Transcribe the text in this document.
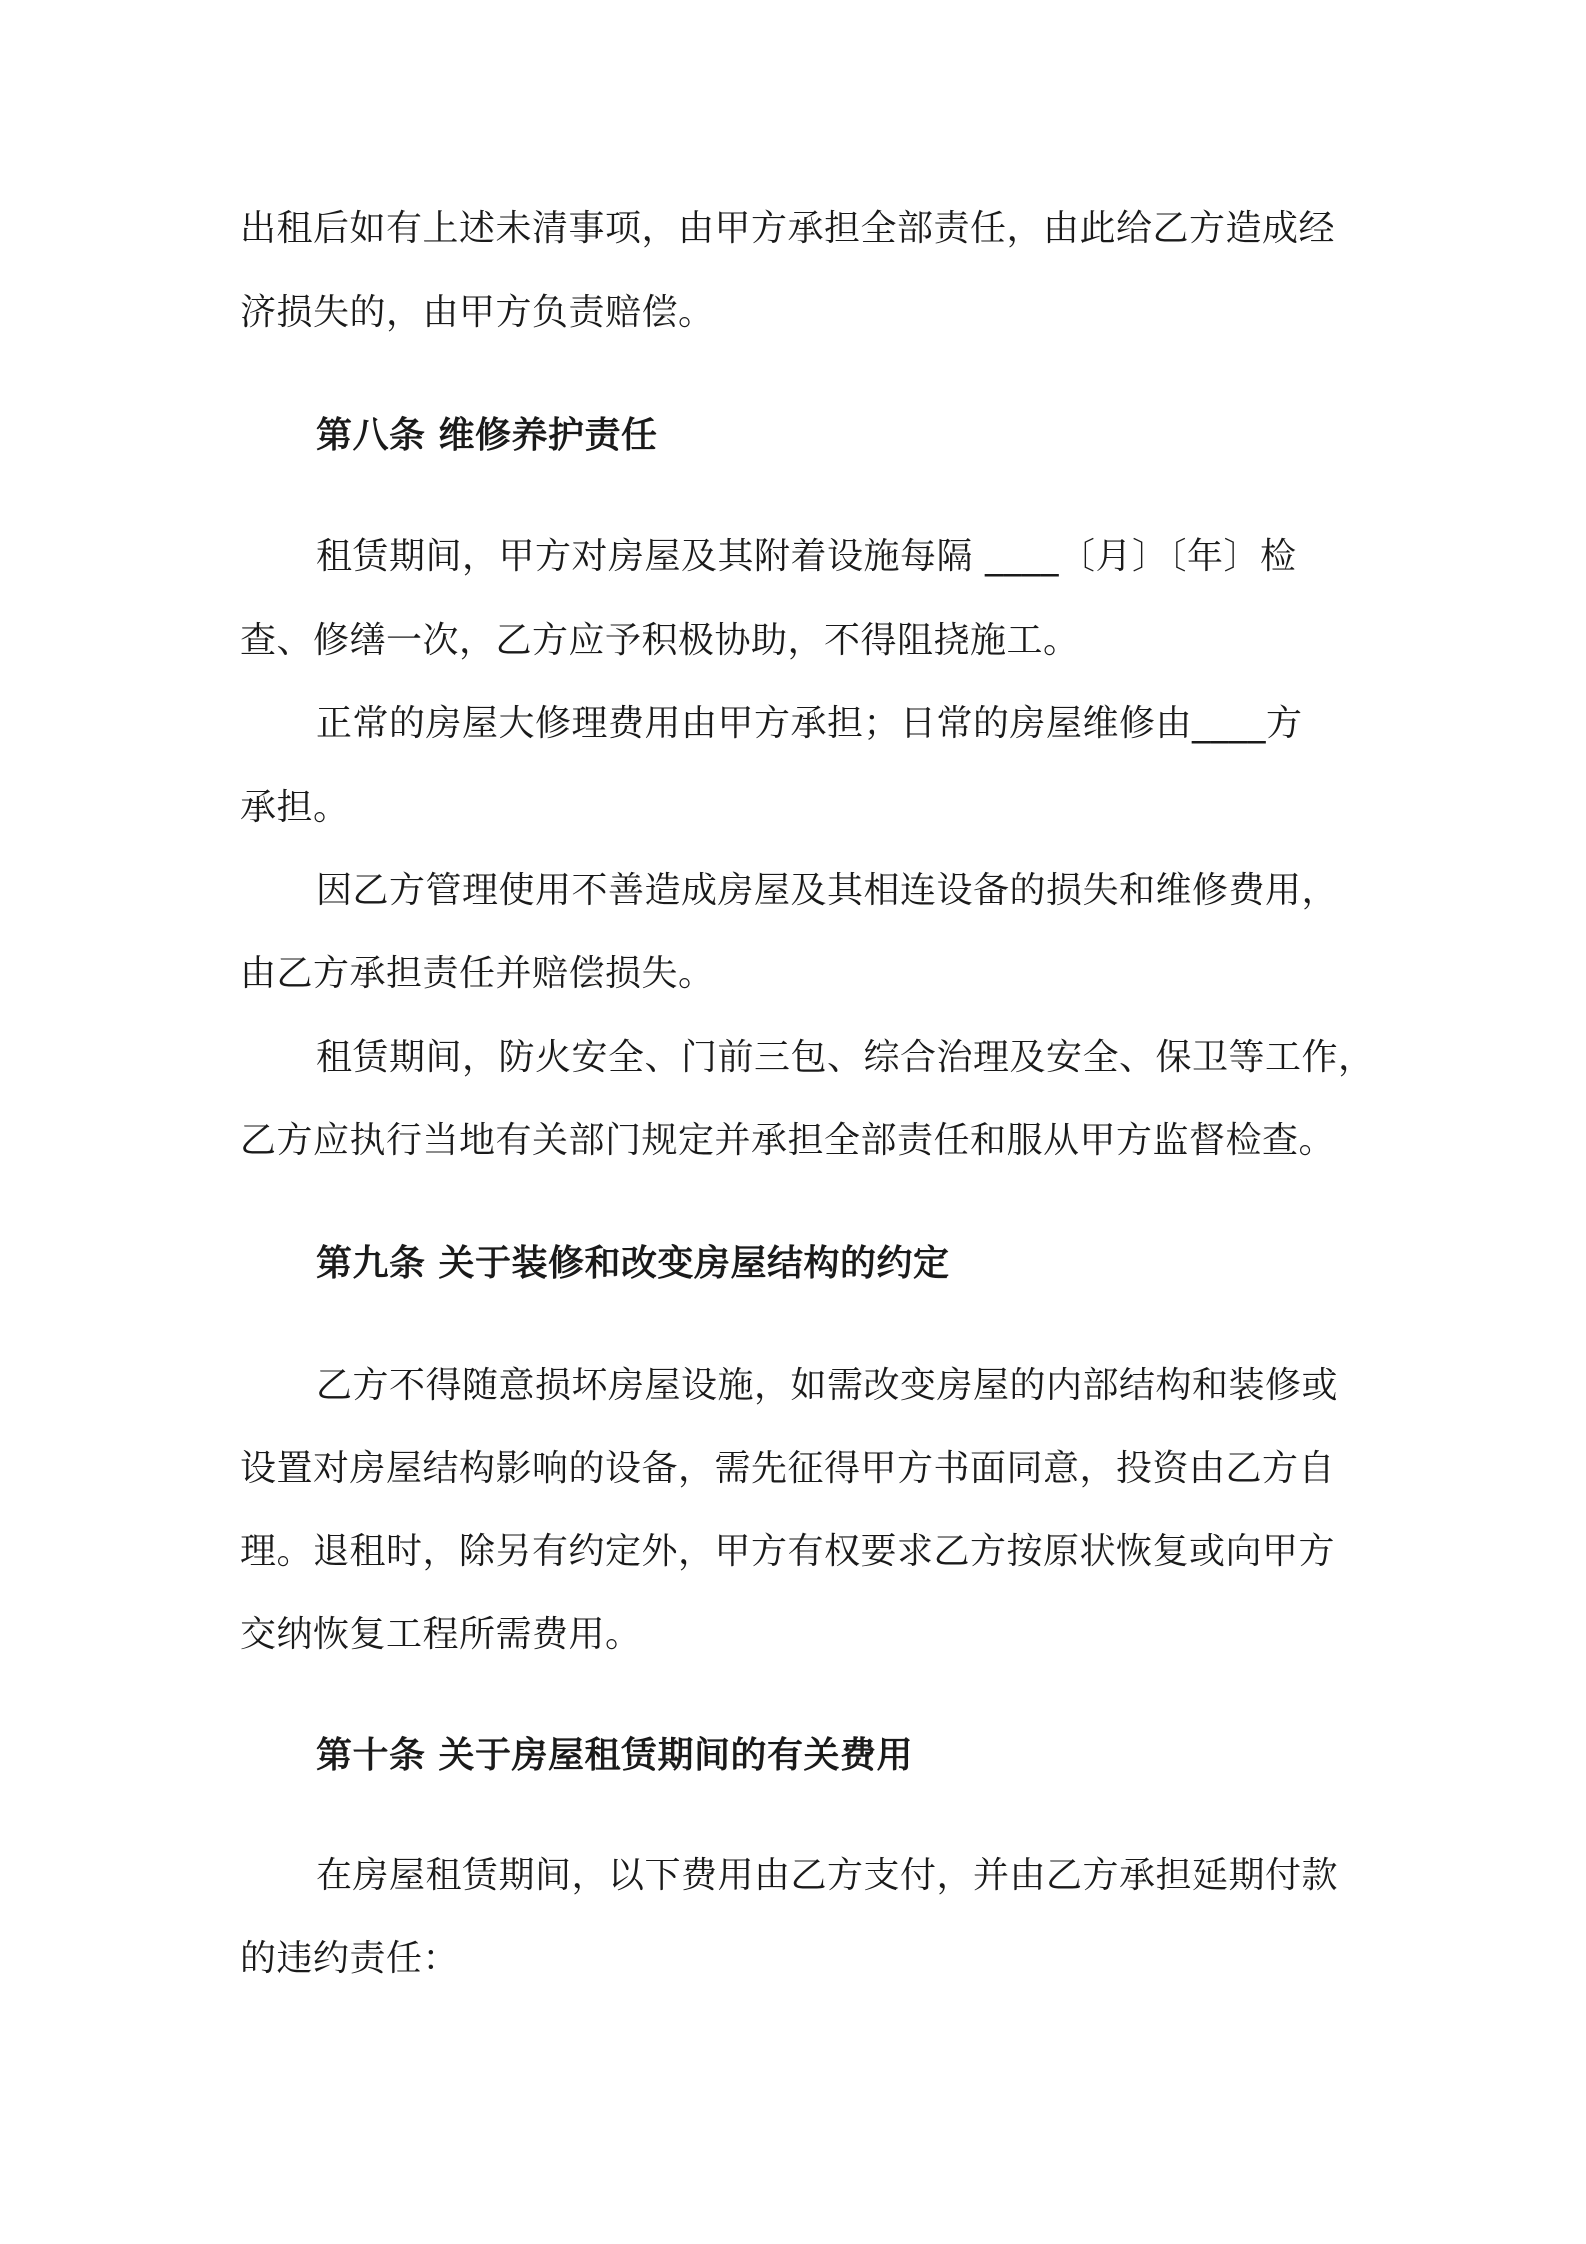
出租后如有上述未清事项，由甲方承担全部责任，由此给乙方造成经
济损失的，由甲方负责赔偿。
第八条 维修养护责任
租赁期间，甲方对房屋及其附着设施每隔 ____〔月〕〔年〕检
查、修缮一次，乙方应予积极协助，不得阻挠施工。
正常的房屋大修理费用由甲方承担；日常的房屋维修由____方
承担。
因乙方管理使用不善造成房屋及其相连设备的损失和维修费用，
由乙方承担责任并赔偿损失。
租赁期间，防火安全、门前三包、综合治理及安全、保卫等工作，
乙方应执行当地有关部门规定并承担全部责任和服从甲方监督检查。
第九条 关于装修和改变房屋结构的约定
乙方不得随意损坏房屋设施，如需改变房屋的内部结构和装修或
设置对房屋结构影响的设备，需先征得甲方书面同意，投资由乙方自
理。退租时，除另有约定外，甲方有权要求乙方按原状恢复或向甲方
交纳恢复工程所需费用。
第十条 关于房屋租赁期间的有关费用
在房屋租赁期间，以下费用由乙方支付，并由乙方承担延期付款
的违约责任：
